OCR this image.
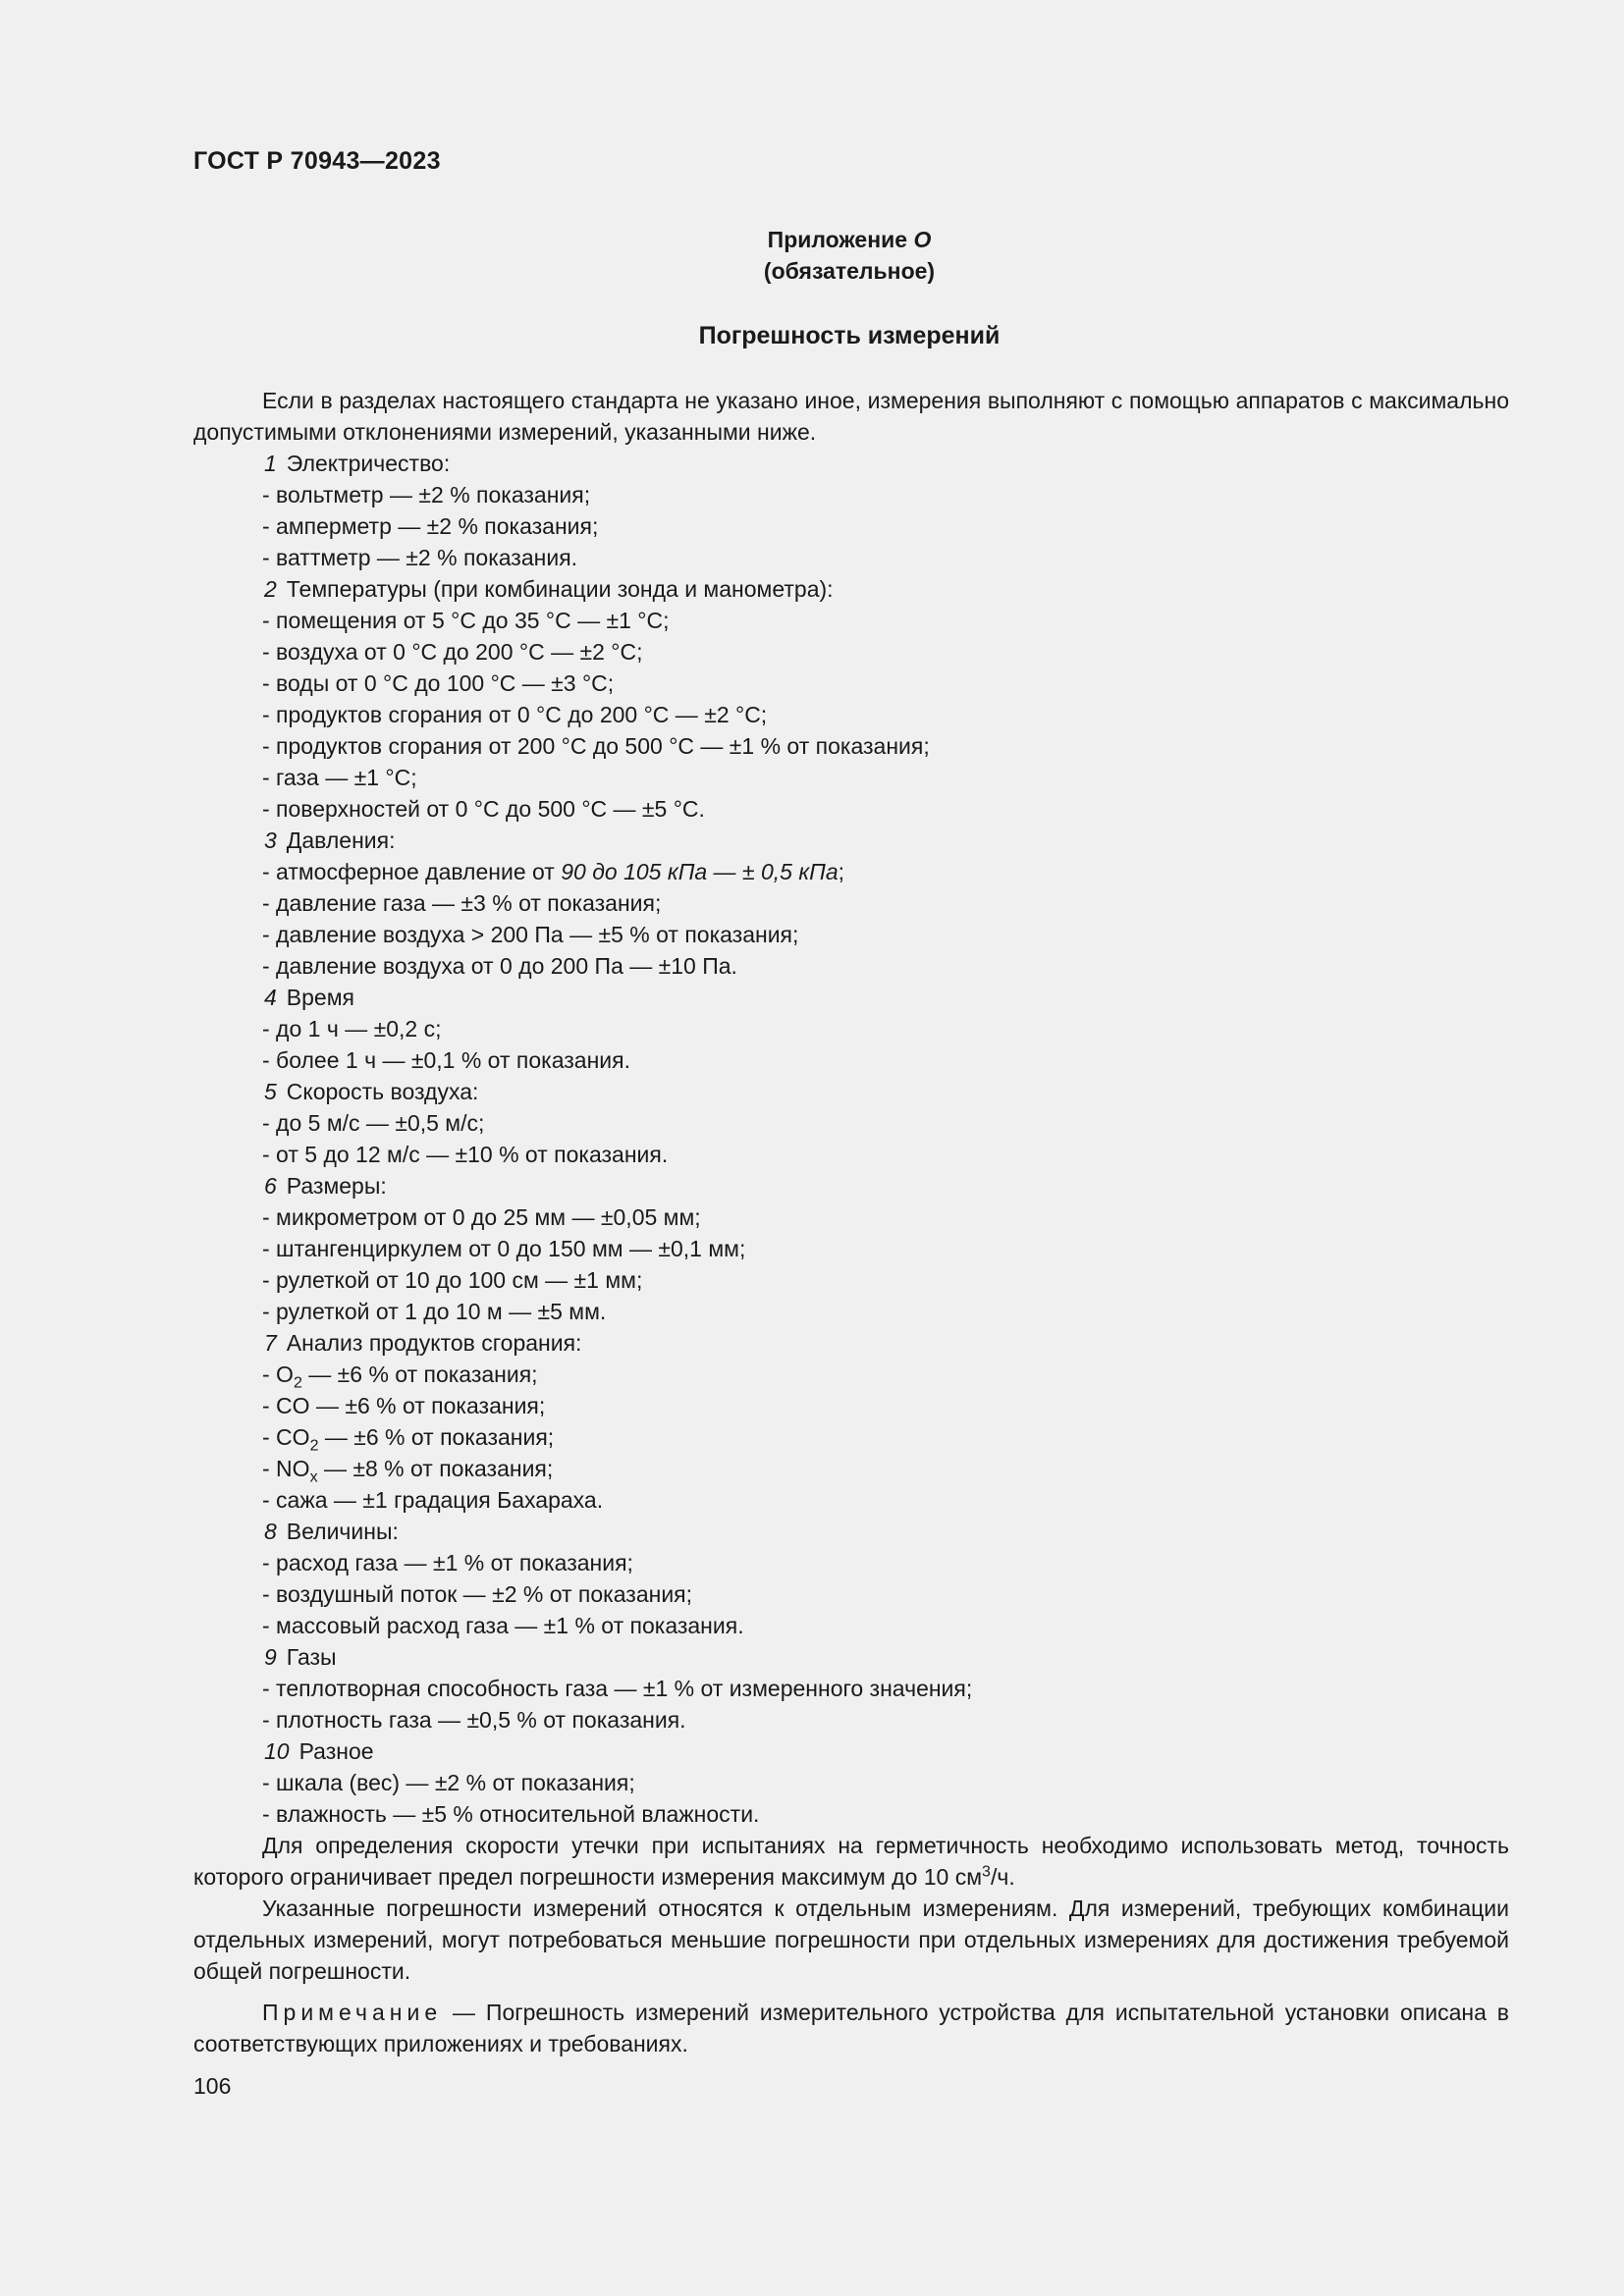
ГОСТ Р 70943—2023
Приложение О
(обязательное)
Погрешность измерений

Если в разделах настоящего стандарта не указано иное, измерения выполняют с помощью аппаратов с максимально допустимыми отклонениями измерений, указанными ниже.

1 Электричество:

- вольтметр — ±2 % показания;

- амперметр — ±2 % показания;

- ваттметр — ±2 % показания.

2 Температуры (при комбинации зонда и манометра):

- помещения от 5 °C до 35 °C — ±1 °C;

- воздуха от 0 °C до 200 °C — ±2 °C;

- воды от 0 °C до 100 °C — ±3 °C;

- продуктов сгорания от 0 °C до 200 °C — ±2 °C;

- продуктов сгорания от 200 °C до 500 °C — ±1 % от показания;

- газа — ±1 °C;

- поверхностей от 0 °C до 500 °C — ±5 °C.

3 Давления:

- атмосферное давление от 90 до 105 кПа — ± 0,5 кПа;

- давление газа — ±3 % от показания;

- давление воздуха > 200 Па — ±5 % от показания;

- давление воздуха от 0 до 200 Па — ±10 Па.

4 Время

- до 1 ч — ±0,2 с;

- более 1 ч — ±0,1 % от показания.

5 Скорость воздуха:

- до 5 м/с — ±0,5 м/с;

- от 5 до 12 м/с — ±10 % от показания.

6 Размеры:

- микрометром от 0 до 25 мм — ±0,05 мм;

- штангенциркулем от 0 до 150 мм — ±0,1 мм;

- рулеткой от 10 до 100 см — ±1 мм;

- рулеткой от 1 до 10 м — ±5 мм.

7 Анализ продуктов сгорания:

- $O_2$ — ±6 % от показания;

- CO — ±6 % от показания;

- $CO_2$ — ±6 % от показания;

- $NO_x$ — ±8 % от показания;

- сажа — ±1 градация Бахараха.

8 Величины:

- расход газа — ±1 % от показания;

- воздушный поток — ±2 % от показания;

- массовый расход газа — ±1 % от показания.

9 Газы

- теплотворная способность газа — ±1 % от измеренного значения;

- плотность газа — ±0,5 % от показания.

10 Разное

- шкала (вес) — ±2 % от показания;

- влажность — ±5 % относительной влажности.

Для определения скорости утечки при испытаниях на герметичность необходимо использовать метод, точность которого ограничивает предел погрешности измерения максимум до 10 $см^3/ч$.

Указанные погрешности измерений относятся к отдельным измерениям. Для измерений, требующих комбинации отдельных измерений, могут потребоваться меньшие погрешности при отдельных измерениях для достижения требуемой общей погрешности.

Примечание — Погрешность измерений измерительного устройства для испытательной установки описана в соответствующих приложениях и требованиях.

106
